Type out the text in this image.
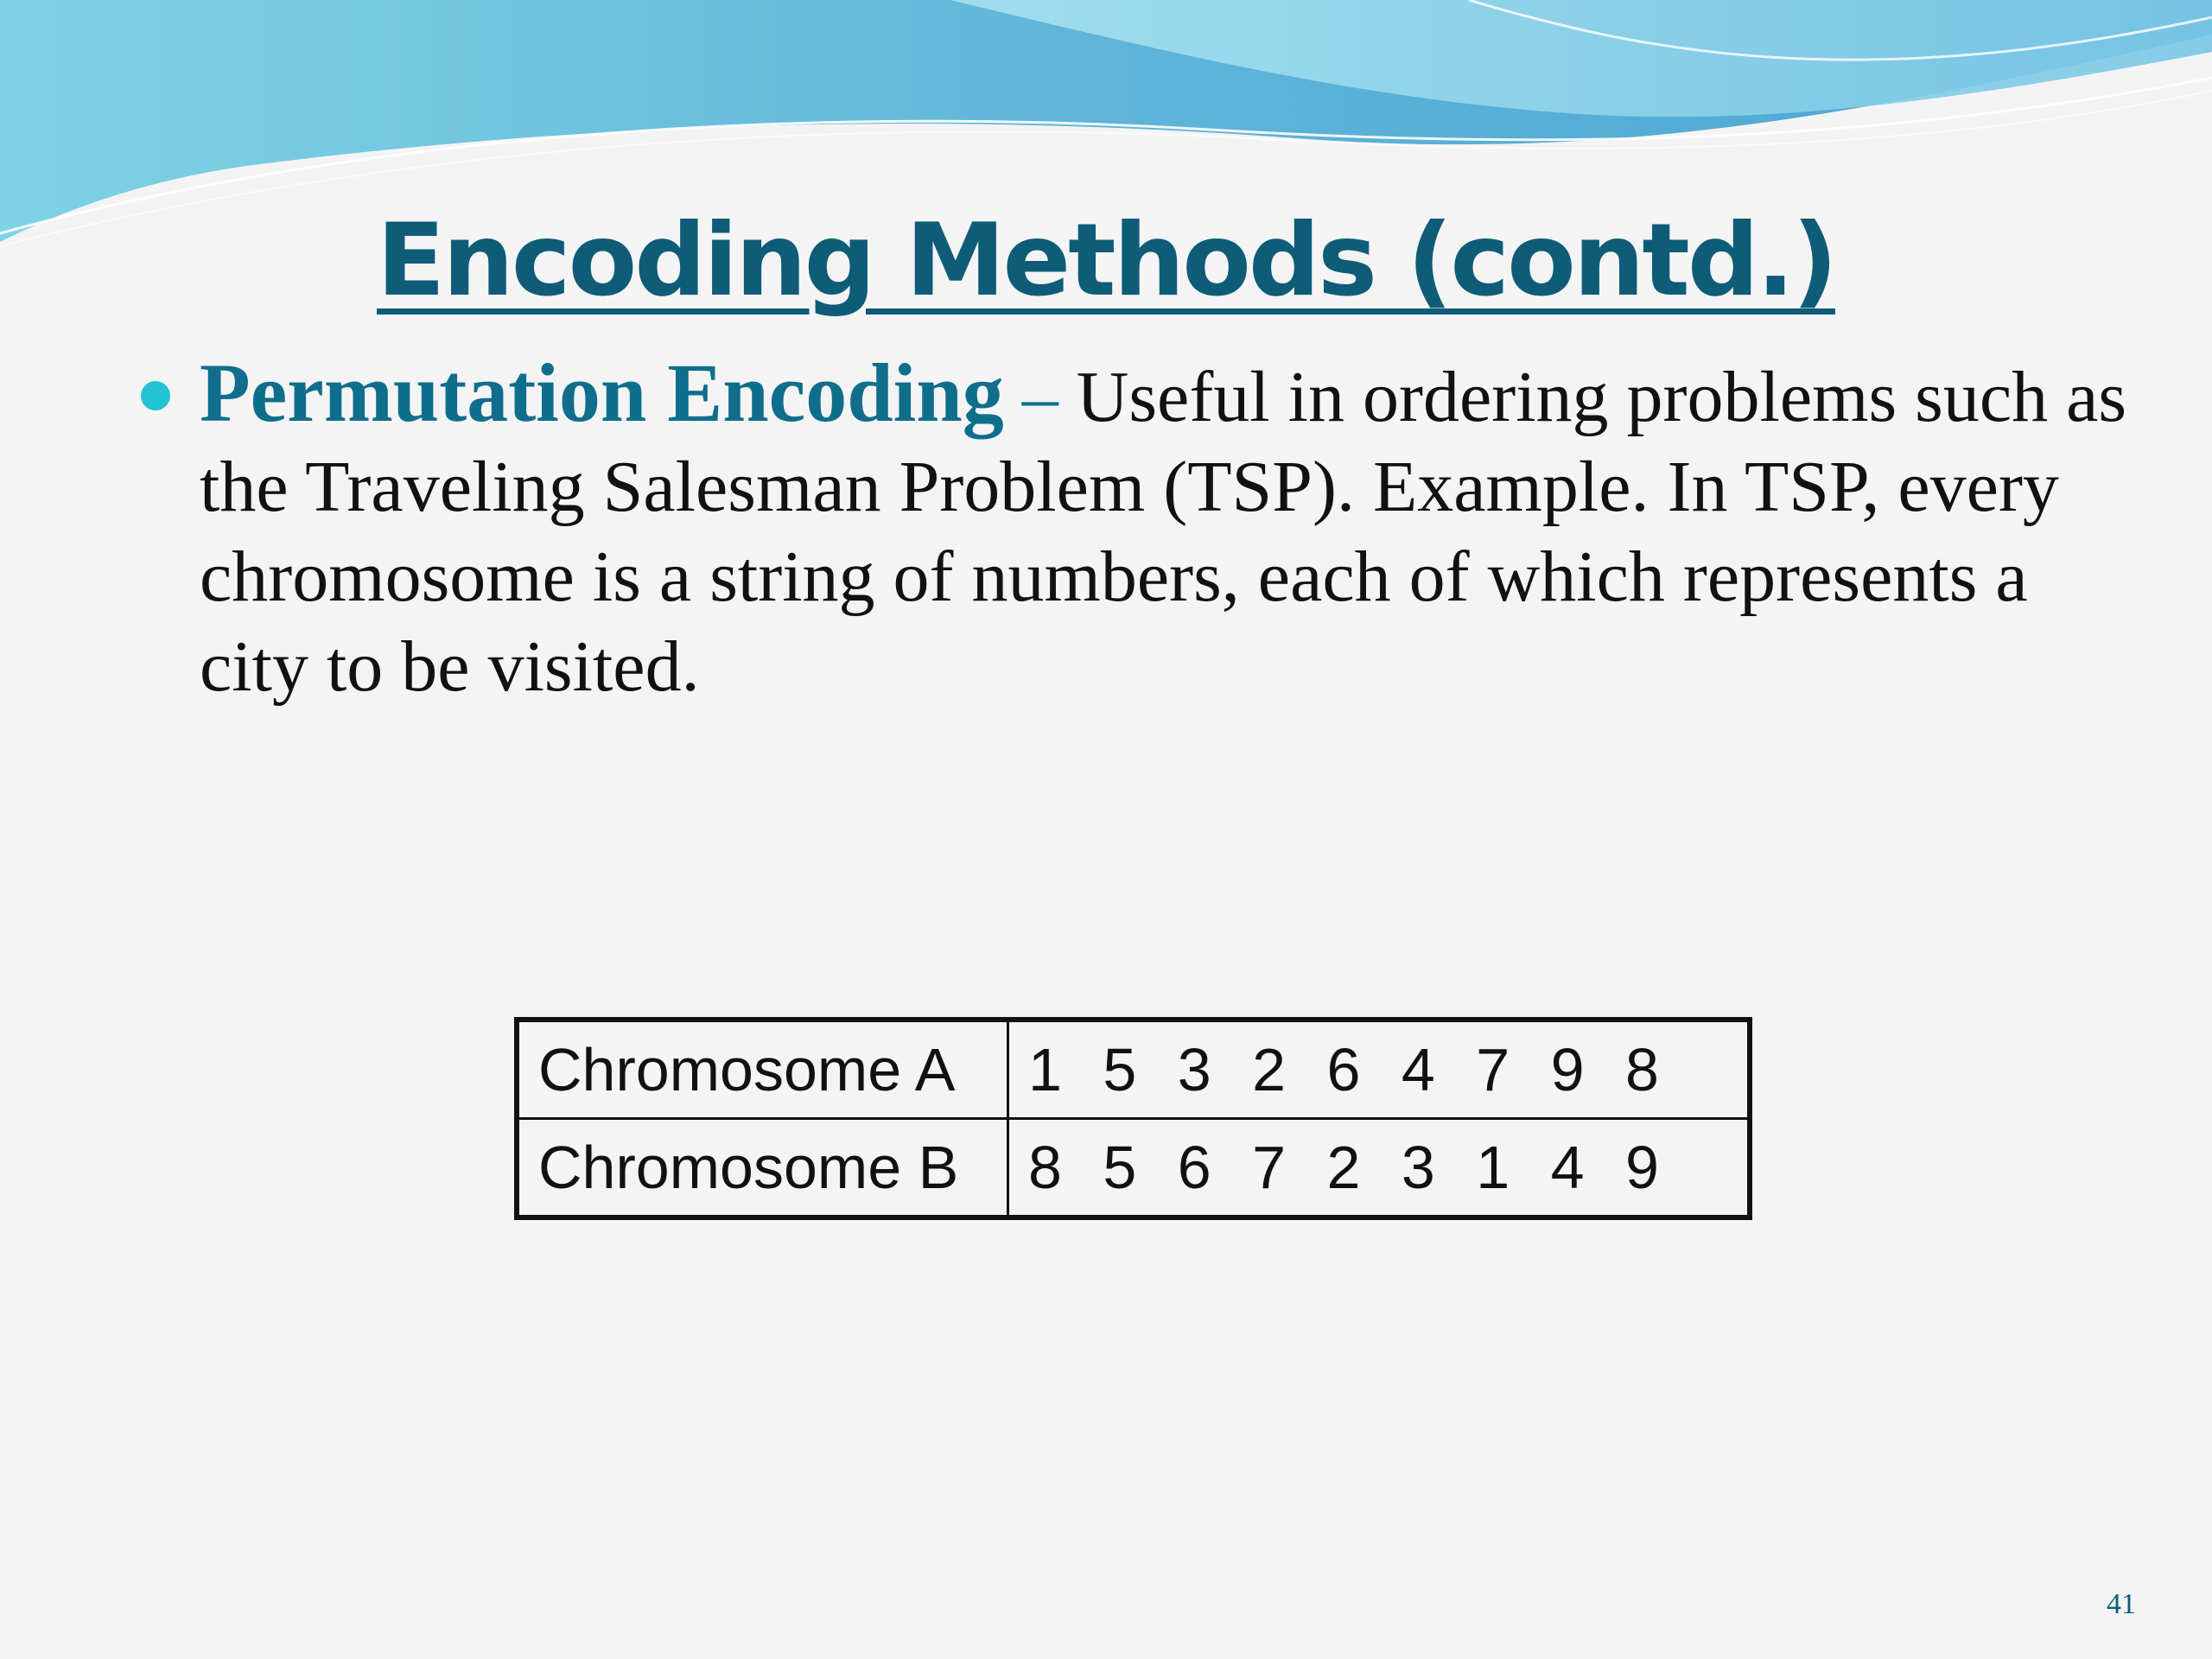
Encoding Methods (contd.)
Permutation Encoding – Useful in ordering problems such as the Traveling Salesman Problem (TSP). Example. In TSP, every chromosome is a string of numbers, each of which represents a city to be visited.
Chromosome A	1 5 3 2 6 4 7 9 8
Chromosome B	8 5 6 7 2 3 1 4 9
41
